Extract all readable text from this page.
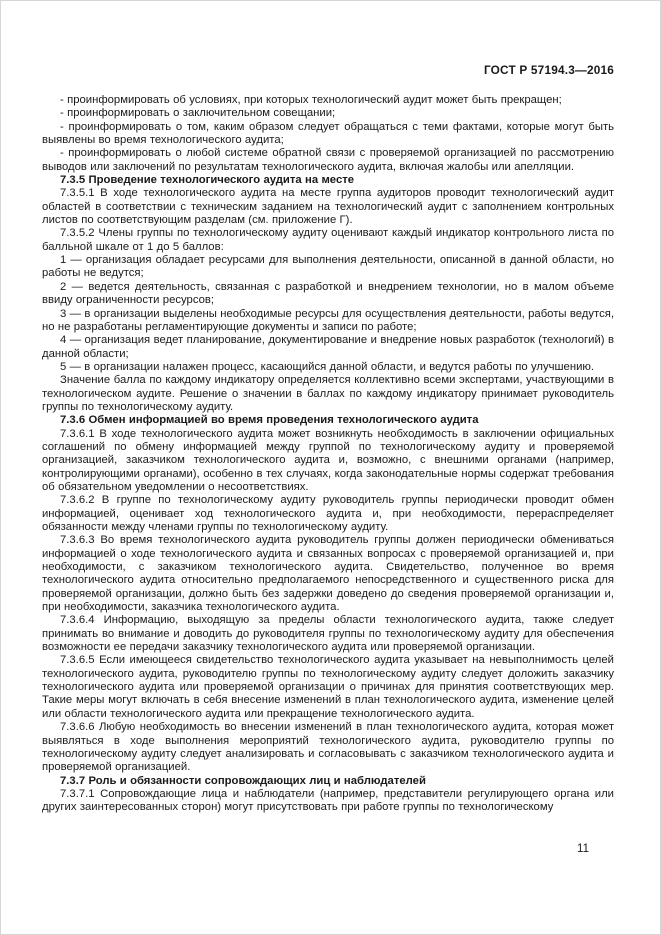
ГОСТ Р 57194.3—2016

- проинформировать об условиях, при которых технологический аудит может быть прекращен;

- проинформировать о заключительном совещании;

- проинформировать о том, каким образом следует обращаться с теми фактами, которые могут быть выявлены во время технологического аудита;

- проинформировать о любой системе обратной связи с проверяемой организацией по рассмотрению выводов или заключений по результатам технологического аудита, включая жалобы или апелляции.

7.3.5 Проведение технологического аудита на месте

7.3.5.1 В ходе технологического аудита на месте группа аудиторов проводит технологический аудит областей в соответствии с техническим заданием на технологический аудит с заполнением контрольных листов по соответствующим разделам (см. приложение Г).

7.3.5.2 Члены группы по технологическому аудиту оценивают каждый индикатор контрольного листа по балльной шкале от 1 до 5 баллов:

1 — организация обладает ресурсами для выполнения деятельности, описанной в данной области, но работы не ведутся;

2 — ведется деятельность, связанная с разработкой и внедрением технологии, но в малом объеме ввиду ограниченности ресурсов;

3 — в организации выделены необходимые ресурсы для осуществления деятельности, работы ведутся, но не разработаны регламентирующие документы и записи по работе;

4 — организация ведет планирование, документирование и внедрение новых разработок (технологий) в данной области;

5 — в организации налажен процесс, касающийся данной области, и ведутся работы по улучшению.

Значение балла по каждому индикатору определяется коллективно всеми экспертами, участвующими в технологическом аудите. Решение о значении в баллах по каждому индикатору принимает руководитель группы по технологическому аудиту.

7.3.6 Обмен информацией во время проведения технологического аудита

7.3.6.1 В ходе технологического аудита может возникнуть необходимость в заключении официальных соглашений по обмену информацией между группой по технологическому аудиту и проверяемой организацией, заказчиком технологического аудита и, возможно, с внешними органами (например, контролирующими органами), особенно в тех случаях, когда законодательные нормы содержат требования об обязательном уведомлении о несоответствиях.

7.3.6.2 В группе по технологическому аудиту руководитель группы периодически проводит обмен информацией, оценивает ход технологического аудита и, при необходимости, перераспределяет обязанности между членами группы по технологическому аудиту.

7.3.6.3 Во время технологического аудита руководитель группы должен периодически обмениваться информацией о ходе технологического аудита и связанных вопросах с проверяемой организацией и, при необходимости, с заказчиком технологического аудита. Свидетельство, полученное во время технологического аудита относительно предполагаемого непосредственного и существенного риска для проверяемой организации, должно быть без задержки доведено до сведения проверяемой организации и, при необходимости, заказчика технологического аудита.

7.3.6.4 Информацию, выходящую за пределы области технологического аудита, также следует принимать во внимание и доводить до руководителя группы по технологическому аудиту для обеспечения возможности ее передачи заказчику технологического аудита или проверяемой организации.

7.3.6.5 Если имеющееся свидетельство технологического аудита указывает на невыполнимость целей технологического аудита, руководителю группы по технологическому аудиту следует доложить заказчику технологического аудита или проверяемой организации о причинах для принятия соответствующих мер. Такие меры могут включать в себя внесение изменений в план технологического аудита, изменение целей или области технологического аудита или прекращение технологического аудита.

7.3.6.6 Любую необходимость во внесении изменений в план технологического аудита, которая может выявляться в ходе выполнения мероприятий технологического аудита, руководителю группы по технологическому аудиту следует анализировать и согласовывать с заказчиком технологического аудита и проверяемой организацией.

7.3.7 Роль и обязанности сопровождающих лиц и наблюдателей

7.3.7.1 Сопровождающие лица и наблюдатели (например, представители регулирующего органа или других заинтересованных сторон) могут присутствовать при работе группы по технологическому

11
